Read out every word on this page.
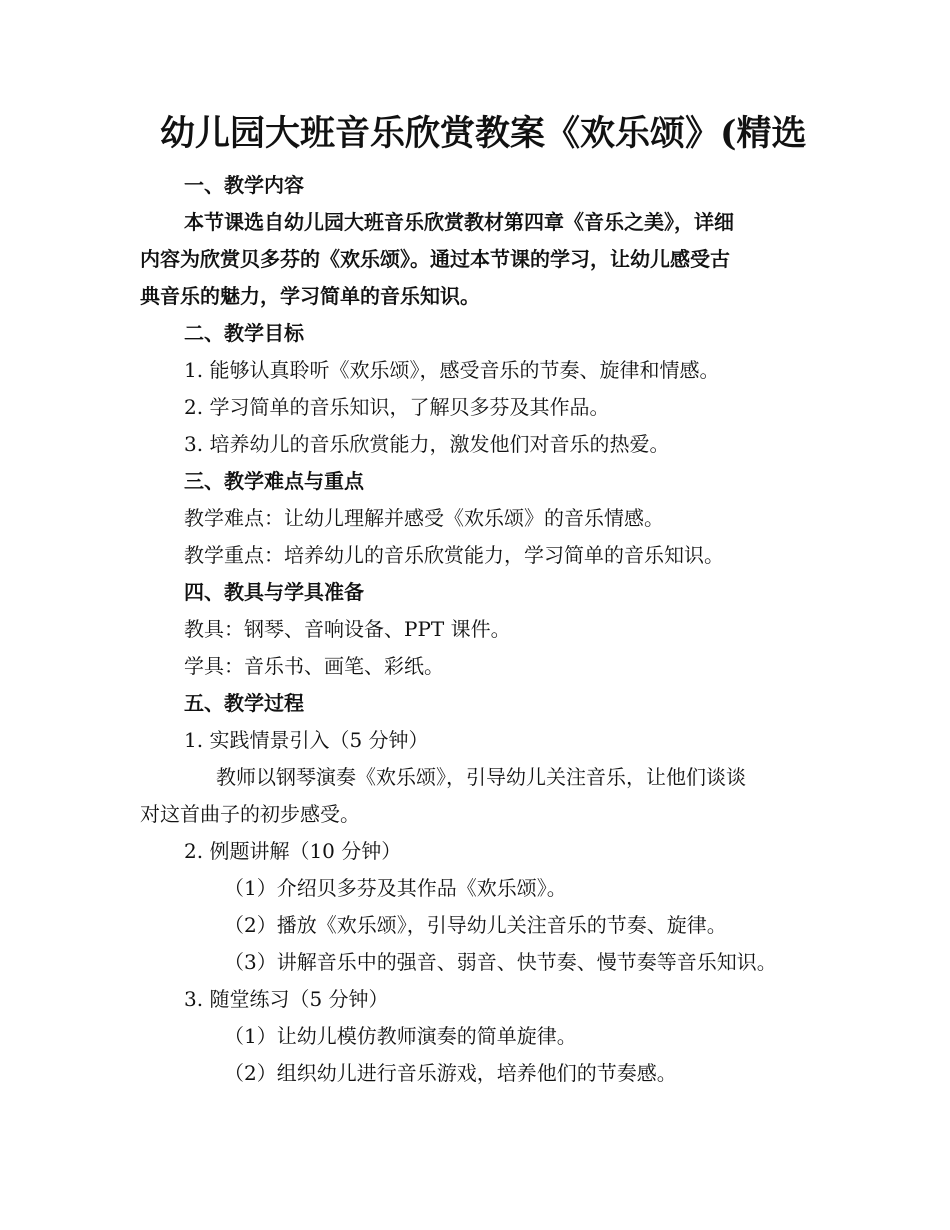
幼儿园大班音乐欣赏教案《欢乐颂》(精选
一、教学内容
本节课选自幼儿园大班音乐欣赏教材第四章《音乐之美》，详细
内容为欣赏贝多芬的《欢乐颂》。通过本节课的学习，让幼儿感受古
典音乐的魅力，学习简单的音乐知识。
二、教学目标
1. 能够认真聆听《欢乐颂》，感受音乐的节奏、旋律和情感。
2. 学习简单的音乐知识，了解贝多芬及其作品。
3. 培养幼儿的音乐欣赏能力，激发他们对音乐的热爱。
三、教学难点与重点
教学难点：让幼儿理解并感受《欢乐颂》的音乐情感。
教学重点：培养幼儿的音乐欣赏能力，学习简单的音乐知识。
四、教具与学具准备
教具：钢琴、音响设备、PPT 课件。
学具：音乐书、画笔、彩纸。
五、教学过程
1. 实践情景引入（5 分钟）
教师以钢琴演奏《欢乐颂》，引导幼儿关注音乐，让他们谈谈
对这首曲子的初步感受。
2. 例题讲解（10 分钟）
（1）介绍贝多芬及其作品《欢乐颂》。
（2）播放《欢乐颂》，引导幼儿关注音乐的节奏、旋律。
（3）讲解音乐中的强音、弱音、快节奏、慢节奏等音乐知识。
3. 随堂练习（5 分钟）
（1）让幼儿模仿教师演奏的简单旋律。
（2）组织幼儿进行音乐游戏，培养他们的节奏感。
